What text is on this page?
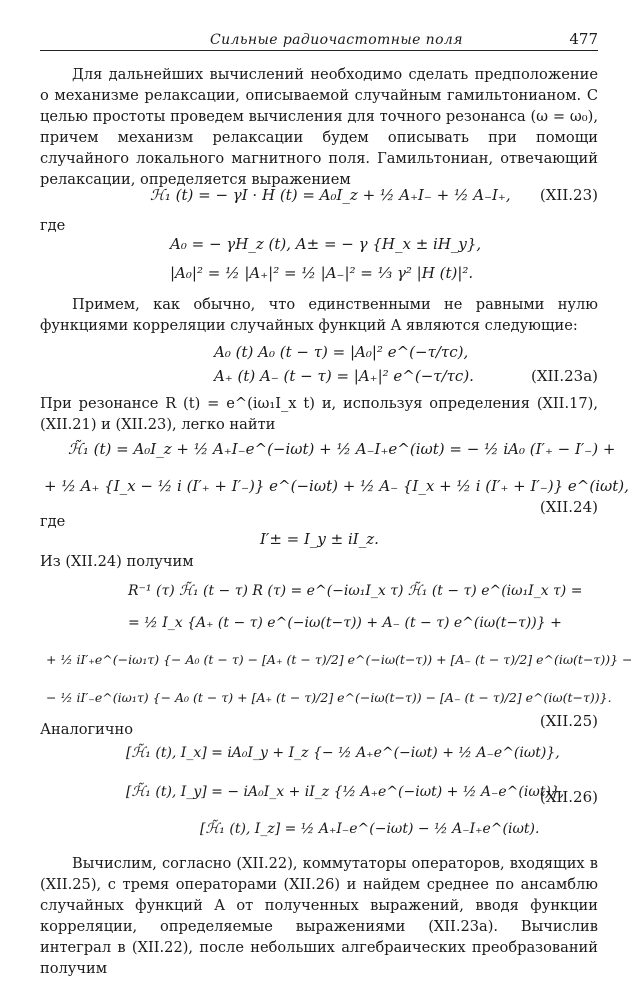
Сильные радиочастотные поля	477

Для дальнейших вычислений необходимо сделать предположение о механизме релаксации, описываемой случайным гамильтонианом. С целью простоты проведем вычисления для точного резонанса (ω = ω₀), причем механизм релаксации будем описывать при помощи случайного локального магнитного поля. Гамильтониан, отвечающий релаксации, определяется выражением

ℋ₁ (t) = − γI · H (t) = A₀I_z + ½ A₊I₋ + ½ A₋I₊, (XII.23)
где
A₀ = − γH_z (t), A± = − γ {H_x ± iH_y},
|A₀|² = ½ |A₊|² = ½ |A₋|² = ⅓ γ² |H (t)|².

Примем, как обычно, что единственными не равными нулю функциями корреляции случайных функций A являются следующие:

A₀ (t) A₀ (t − τ) = |A₀|² e^(−τ/τc),
A₊ (t) A₋ (t − τ) = |A₊|² e^(−τ/τc).	(XII.23a)

При резонансе R (t) = e^(iω₁I_x t) и, используя определения (XII.17), (XII.21) и (XII.23), легко найти

ℋ̃₁ (t) = A₀I_z + ½ A₊I₋e^(−iωt) + ½ A₋I₊e^(iωt) = − ½ iA₀ (I′₊ − I′₋) +
+ ½ A₊ {I_x − ½ i (I′₊ + I′₋)} e^(−iωt) + ½ A₋ {I_x + ½ i (I′₊ + I′₋)} e^(iωt),
(XII.24)
где
I′± = I_y ± iI_z.
Из (XII.24) получим
R⁻¹ (τ) ℋ̃₁ (t − τ) R (τ) = e^(−iω₁I_x τ) ℋ̃₁ (t − τ) e^(iω₁I_x τ) =
= ½ I_x {A₊ (t − τ) e^(−iω(t−τ)) + A₋ (t − τ) e^(iω(t−τ))} +
+ ½ iI′₊e^(−iω₁τ) {− A₀ (t − τ) − [A₊ (t − τ)/2] e^(−iω(t−τ)) + [A₋ (t − τ)/2] e^(iω(t−τ))} −
− ½ iI′₋e^(iω₁τ) {− A₀ (t − τ) + [A₊ (t − τ)/2] e^(−iω(t−τ)) − [A₋ (t − τ)/2] e^(iω(t−τ))}.
(XII.25)
Аналогично
[ℋ̃₁ (t), I_x] = iA₀I_y + I_z {− ½ A₊e^(−iωt) + ½ A₋e^(iωt)},
[ℋ̃₁ (t), I_y] = − iA₀I_x + iI_z {½ A₊e^(−iωt) + ½ A₋e^(iωt)},
(XII.26)
[ℋ̃₁ (t), I_z] = ½ A₊I₋e^(−iωt) − ½ A₋I₊e^(iωt).

Вычислим, согласно (XII.22), коммутаторы операторов, входящих в (XII.25), с тремя операторами (XII.26) и найдем среднее по ансамблю случайных функций A от полученных выражений, вводя функции корреляции, определяемые выражениями (XII.23a). Вычислив интеграл в (XII.22), после небольших алгебраических преобразований получим
